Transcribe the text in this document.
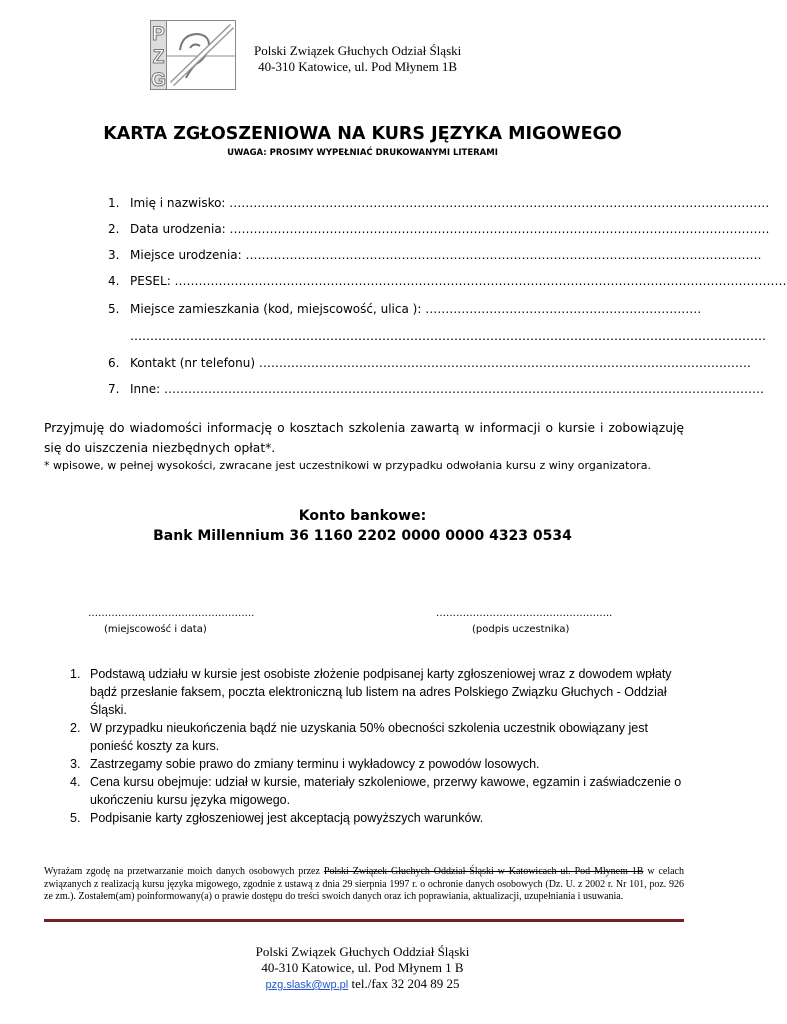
P
Z
G
Polski Związek Głuchych Odział Śląski
40-310 Katowice, ul. Pod Młynem 1B
KARTA ZGŁOSZENIOWA NA KURS JĘZYKA MIGOWEGO
UWAGA: PROSIMY WYPEŁNIAĆ DRUKOWANYMI LITERAMI
1. Imię i nazwisko: ………………………………………………………………………………………………………………………
2. Data urodzenia: ………………………………………………………………………………………………………………………
3. Miejsce urodzenia: …………………………………………………………………………………………………………………
4. PESEL: ………………………………………………………………………………………………………………………………………
5. Miejsce zamieszkania (kod, miejscowość, ulica ): ……………………………………………………………
……………………………………………………………………………………………………………………………………………
6. Kontakt (nr telefonu) ……………………………………………………………………………………………………………
7. Inne: ……………………………………………………………………………………………………………………………………
Przyjmuję do wiadomości informację o kosztach szkolenia zawartą w informacji o kursie i zobowiązuję się do uiszczenia niezbędnych opłat*.
* wpisowe, w pełnej wysokości, zwracane jest uczestnikowi w przypadku odwołania kursu z winy organizatora.
Konto bankowe:
Bank Millennium 36 1160 2202 0000 0000 4323 0534
…………………………………………..
(miejscowość i data)
……………………………………………..
(podpis uczestnika)
1. Podstawą udziału w kursie jest osobiste złożenie podpisanej karty zgłoszeniowej wraz z dowodem wpłaty bądź przesłanie faksem, poczta elektroniczną lub listem na adres Polskiego Związku Głuchych - Oddział Śląski.
2. W przypadku nieukończenia bądź nie uzyskania 50% obecności szkolenia uczestnik obowiązany jest ponieść koszty za kurs.
3. Zastrzegamy sobie prawo do zmiany terminu i wykładowcy z powodów losowych.
4. Cena kursu obejmuje: udział w kursie, materiały szkoleniowe, przerwy kawowe, egzamin i zaświadczenie o ukończeniu kursu języka migowego.
5. Podpisanie karty zgłoszeniowej jest akceptacją powyższych warunków.
Wyrażam zgodę na przetwarzanie moich danych osobowych przez Polski Związek Głuchych Oddział Śląski w Katowicach ul. Pod Młynem 1B w celach związanych z realizacją kursu języka migowego, zgodnie z ustawą z dnia 29 sierpnia 1997 r. o ochronie danych osobowych (Dz. U. z 2002 r. Nr 101, poz. 926 ze zm.). Zostałem(am) poinformowany(a) o prawie dostępu do treści swoich danych oraz ich poprawiania, aktualizacji, uzupełniania i usuwania.
Polski Związek Głuchych Oddział Śląski
40-310 Katowice, ul. Pod Młynem 1 B
pzg.slask@wp.pl tel./fax 32 204 89 25
